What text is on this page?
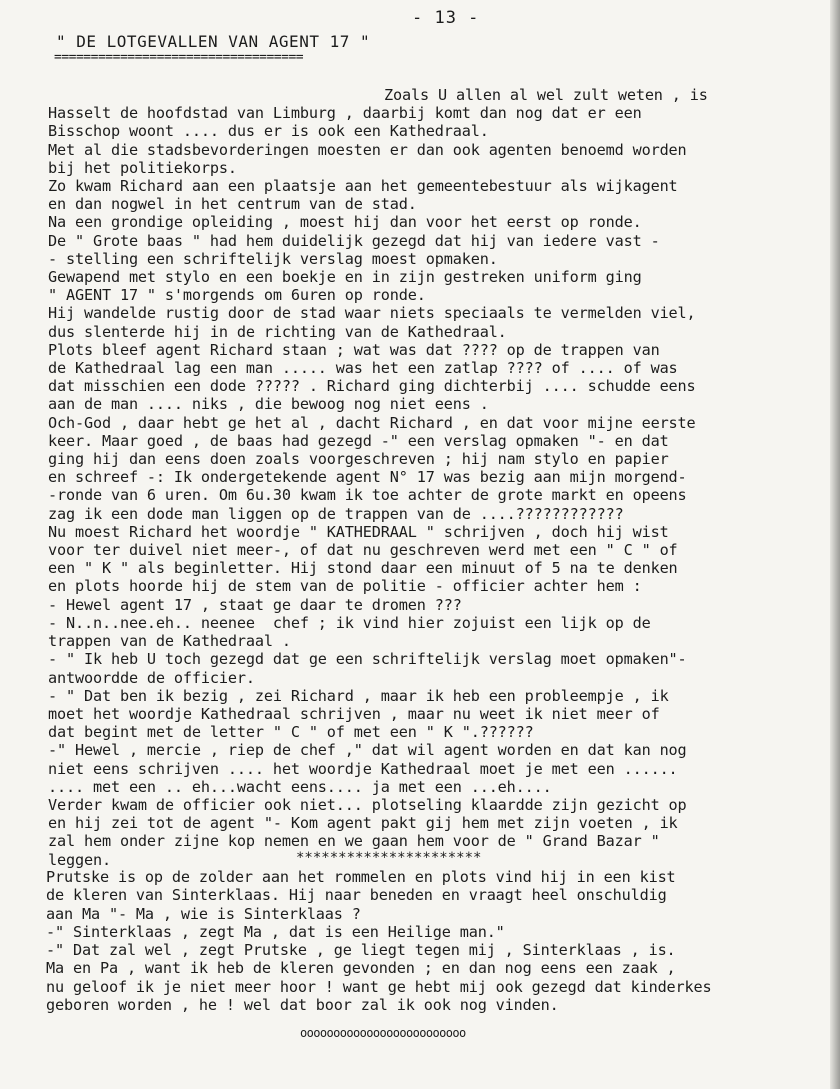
- 13 -
" DE LOTGEVALLEN VAN AGENT 17 "
==================================
Zoals U allen al wel zult weten , is
Hasselt de hoofdstad van Limburg , daarbij komt dan nog dat er een
Bisschop woont .... dus er is ook een Kathedraal.
Met al die stadsbevorderingen moesten er dan ook agenten benoemd worden
bij het politiekorps.
Zo kwam Richard aan een plaatsje aan het gemeentebestuur als wijkagent
en dan nogwel in het centrum van de stad.
Na een grondige opleiding , moest hij dan voor het eerst op ronde.
De " Grote baas " had hem duidelijk gezegd dat hij van iedere vast -
- stelling een schriftelijk verslag moest opmaken.
Gewapend met stylo en een boekje en in zijn gestreken uniform ging
" AGENT 17 " s'morgends om 6uren op ronde.
Hij wandelde rustig door de stad waar niets speciaals te vermelden viel,
dus slenterde hij in de richting van de Kathedraal.
Plots bleef agent Richard staan ; wat was dat ???? op de trappen van
de Kathedraal lag een man ..... was het een zatlap ???? of .... of was
dat misschien een dode ????? . Richard ging dichterbij .... schudde eens
aan de man .... niks , die bewoog nog niet eens .
Och-God , daar hebt ge het al , dacht Richard , en dat voor mijne eerste
keer. Maar goed , de baas had gezegd -" een verslag opmaken "- en dat
ging hij dan eens doen zoals voorgeschreven ; hij nam stylo en papier
en schreef -: Ik ondergetekende agent N° 17 was bezig aan mijn morgend-
-ronde van 6 uren. Om 6u.30 kwam ik toe achter de grote markt en opeens
zag ik een dode man liggen op de trappen van de ....????????????
Nu moest Richard het woordje " KATHEDRAAL " schrijven , doch hij wist
voor ter duivel niet meer-, of dat nu geschreven werd met een " C " of
een " K " als beginletter. Hij stond daar een minuut of 5 na te denken
en plots hoorde hij de stem van de politie - officier achter hem :
- Hewel agent 17 , staat ge daar te dromen ???
- N..n..nee.eh.. neenee  chef ; ik vind hier zojuist een lijk op de
trappen van de Kathedraal .
- " Ik heb U toch gezegd dat ge een schriftelijk verslag moet opmaken"-
antwoordde de officier.
- " Dat ben ik bezig , zei Richard , maar ik heb een probleempje , ik
moet het woordje Kathedraal schrijven , maar nu weet ik niet meer of
dat begint met de letter " C " of met een " K ".??????
-" Hewel , mercie , riep de chef ," dat wil agent worden en dat kan nog
niet eens schrijven .... het woordje Kathedraal moet je met een ......
.... met een .. eh...wacht eens.... ja met een ...eh....
Verder kwam de officier ook niet... plotseling klaardde zijn gezicht op
en hij zei tot de agent "- Kom agent pakt gij hem met zijn voeten , ik
zal hem onder zijne kop nemen en we gaan hem voor de " Grand Bazar "
leggen.	**********************
Prutske is op de zolder aan het rommelen en plots vind hij in een kist
de kleren van Sinterklaas. Hij naar beneden en vraagt heel onschuldig
aan Ma "- Ma , wie is Sinterklaas ?
-" Sinterklaas , zegt Ma , dat is een Heilige man."
-" Dat zal wel , zegt Prutske , ge liegt tegen mij , Sinterklaas , is.
Ma en Pa , want ik heb de kleren gevonden ; en dan nog eens een zaak ,
nu geloof ik je niet meer hoor ! want ge hebt mij ook gezegd dat kinderkes
geboren worden , he ! wel dat boor zal ik ook nog vinden.
ooooooooooooooooooooooooo
